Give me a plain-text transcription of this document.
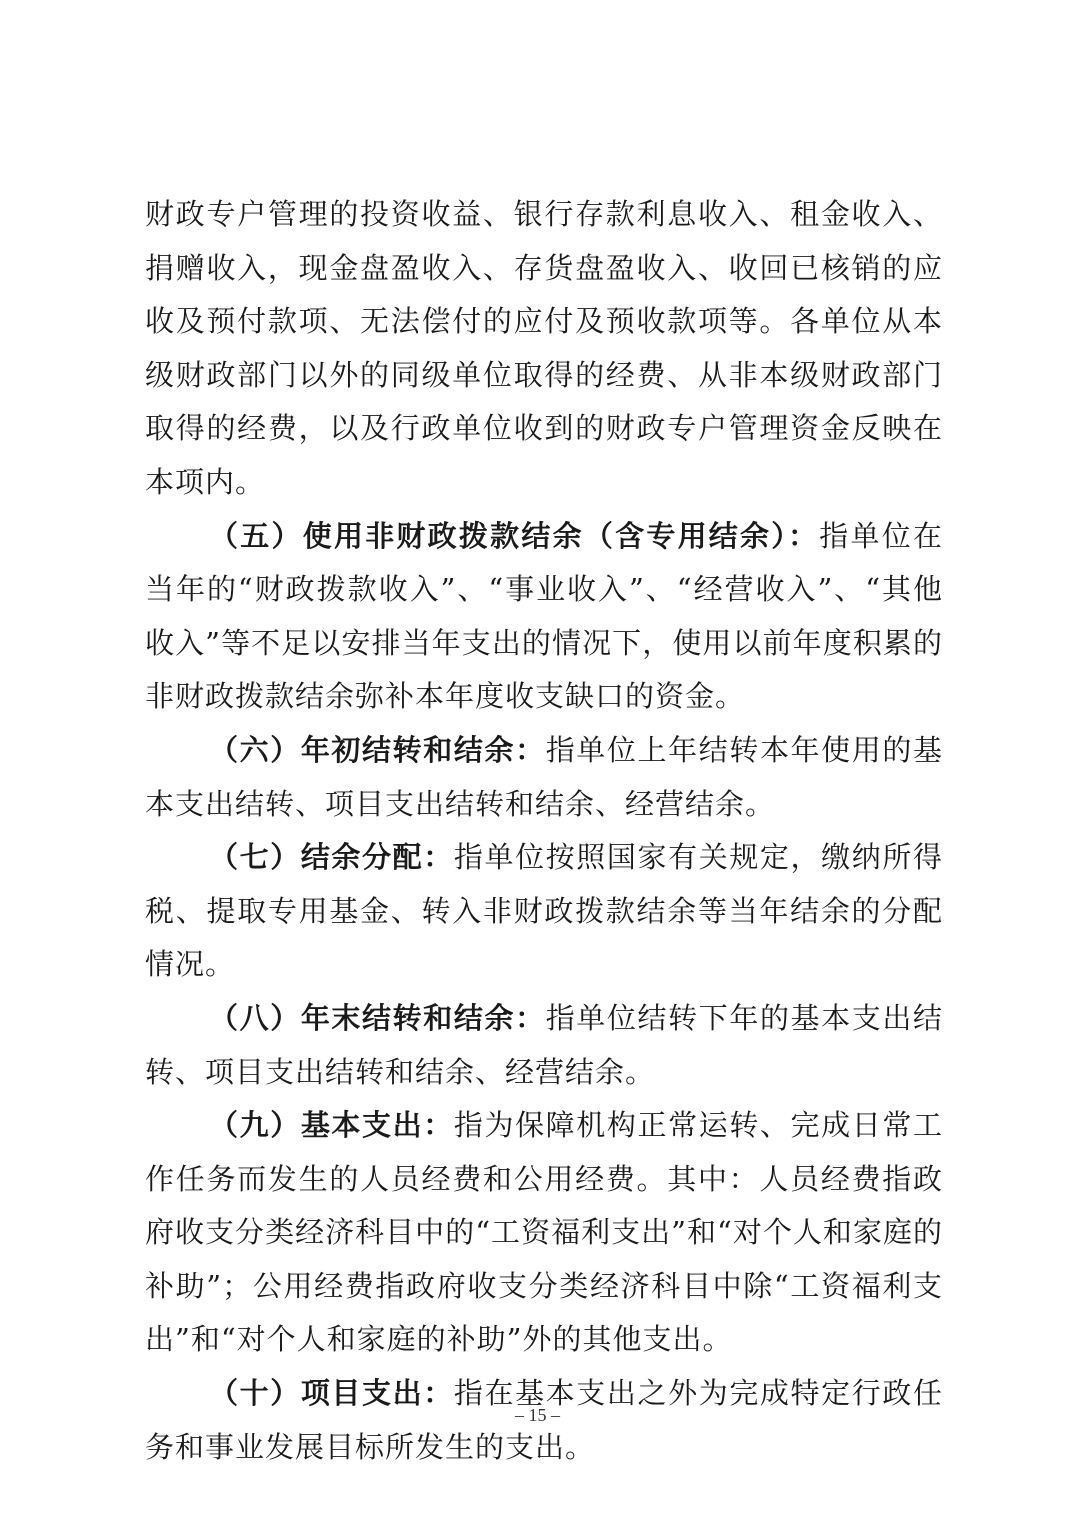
财政专户管理的投资收益、银行存款利息收入、租金收入、捐赠收入，现金盘盈收入、存货盘盈收入、收回已核销的应收及预付款项、无法偿付的应付及预收款项等。各单位从本级财政部门以外的同级单位取得的经费、从非本级财政部门取得的经费，以及行政单位收到的财政专户管理资金反映在本项内。

（五）使用非财政拨款结余（含专用结余）：指单位在当年的“财政拨款收入”、“事业收入”、“经营收入”、“其他收入”等不足以安排当年支出的情况下，使用以前年度积累的非财政拨款结余弥补本年度收支缺口的资金。

（六）年初结转和结余：指单位上年结转本年使用的基本支出结转、项目支出结转和结余、经营结余。

（七）结余分配：指单位按照国家有关规定，缴纳所得税、提取专用基金、转入非财政拨款结余等当年结余的分配情况。

（八）年末结转和结余：指单位结转下年的基本支出结转、项目支出结转和结余、经营结余。

（九）基本支出：指为保障机构正常运转、完成日常工作任务而发生的人员经费和公用经费。其中：人员经费指政府收支分类经济科目中的“工资福利支出”和“对个人和家庭的补助”；公用经费指政府收支分类经济科目中除“工资福利支出”和“对个人和家庭的补助”外的其他支出。

（十）项目支出：指在基本支出之外为完成特定行政任务和事业发展目标所发生的支出。

– 15 –
